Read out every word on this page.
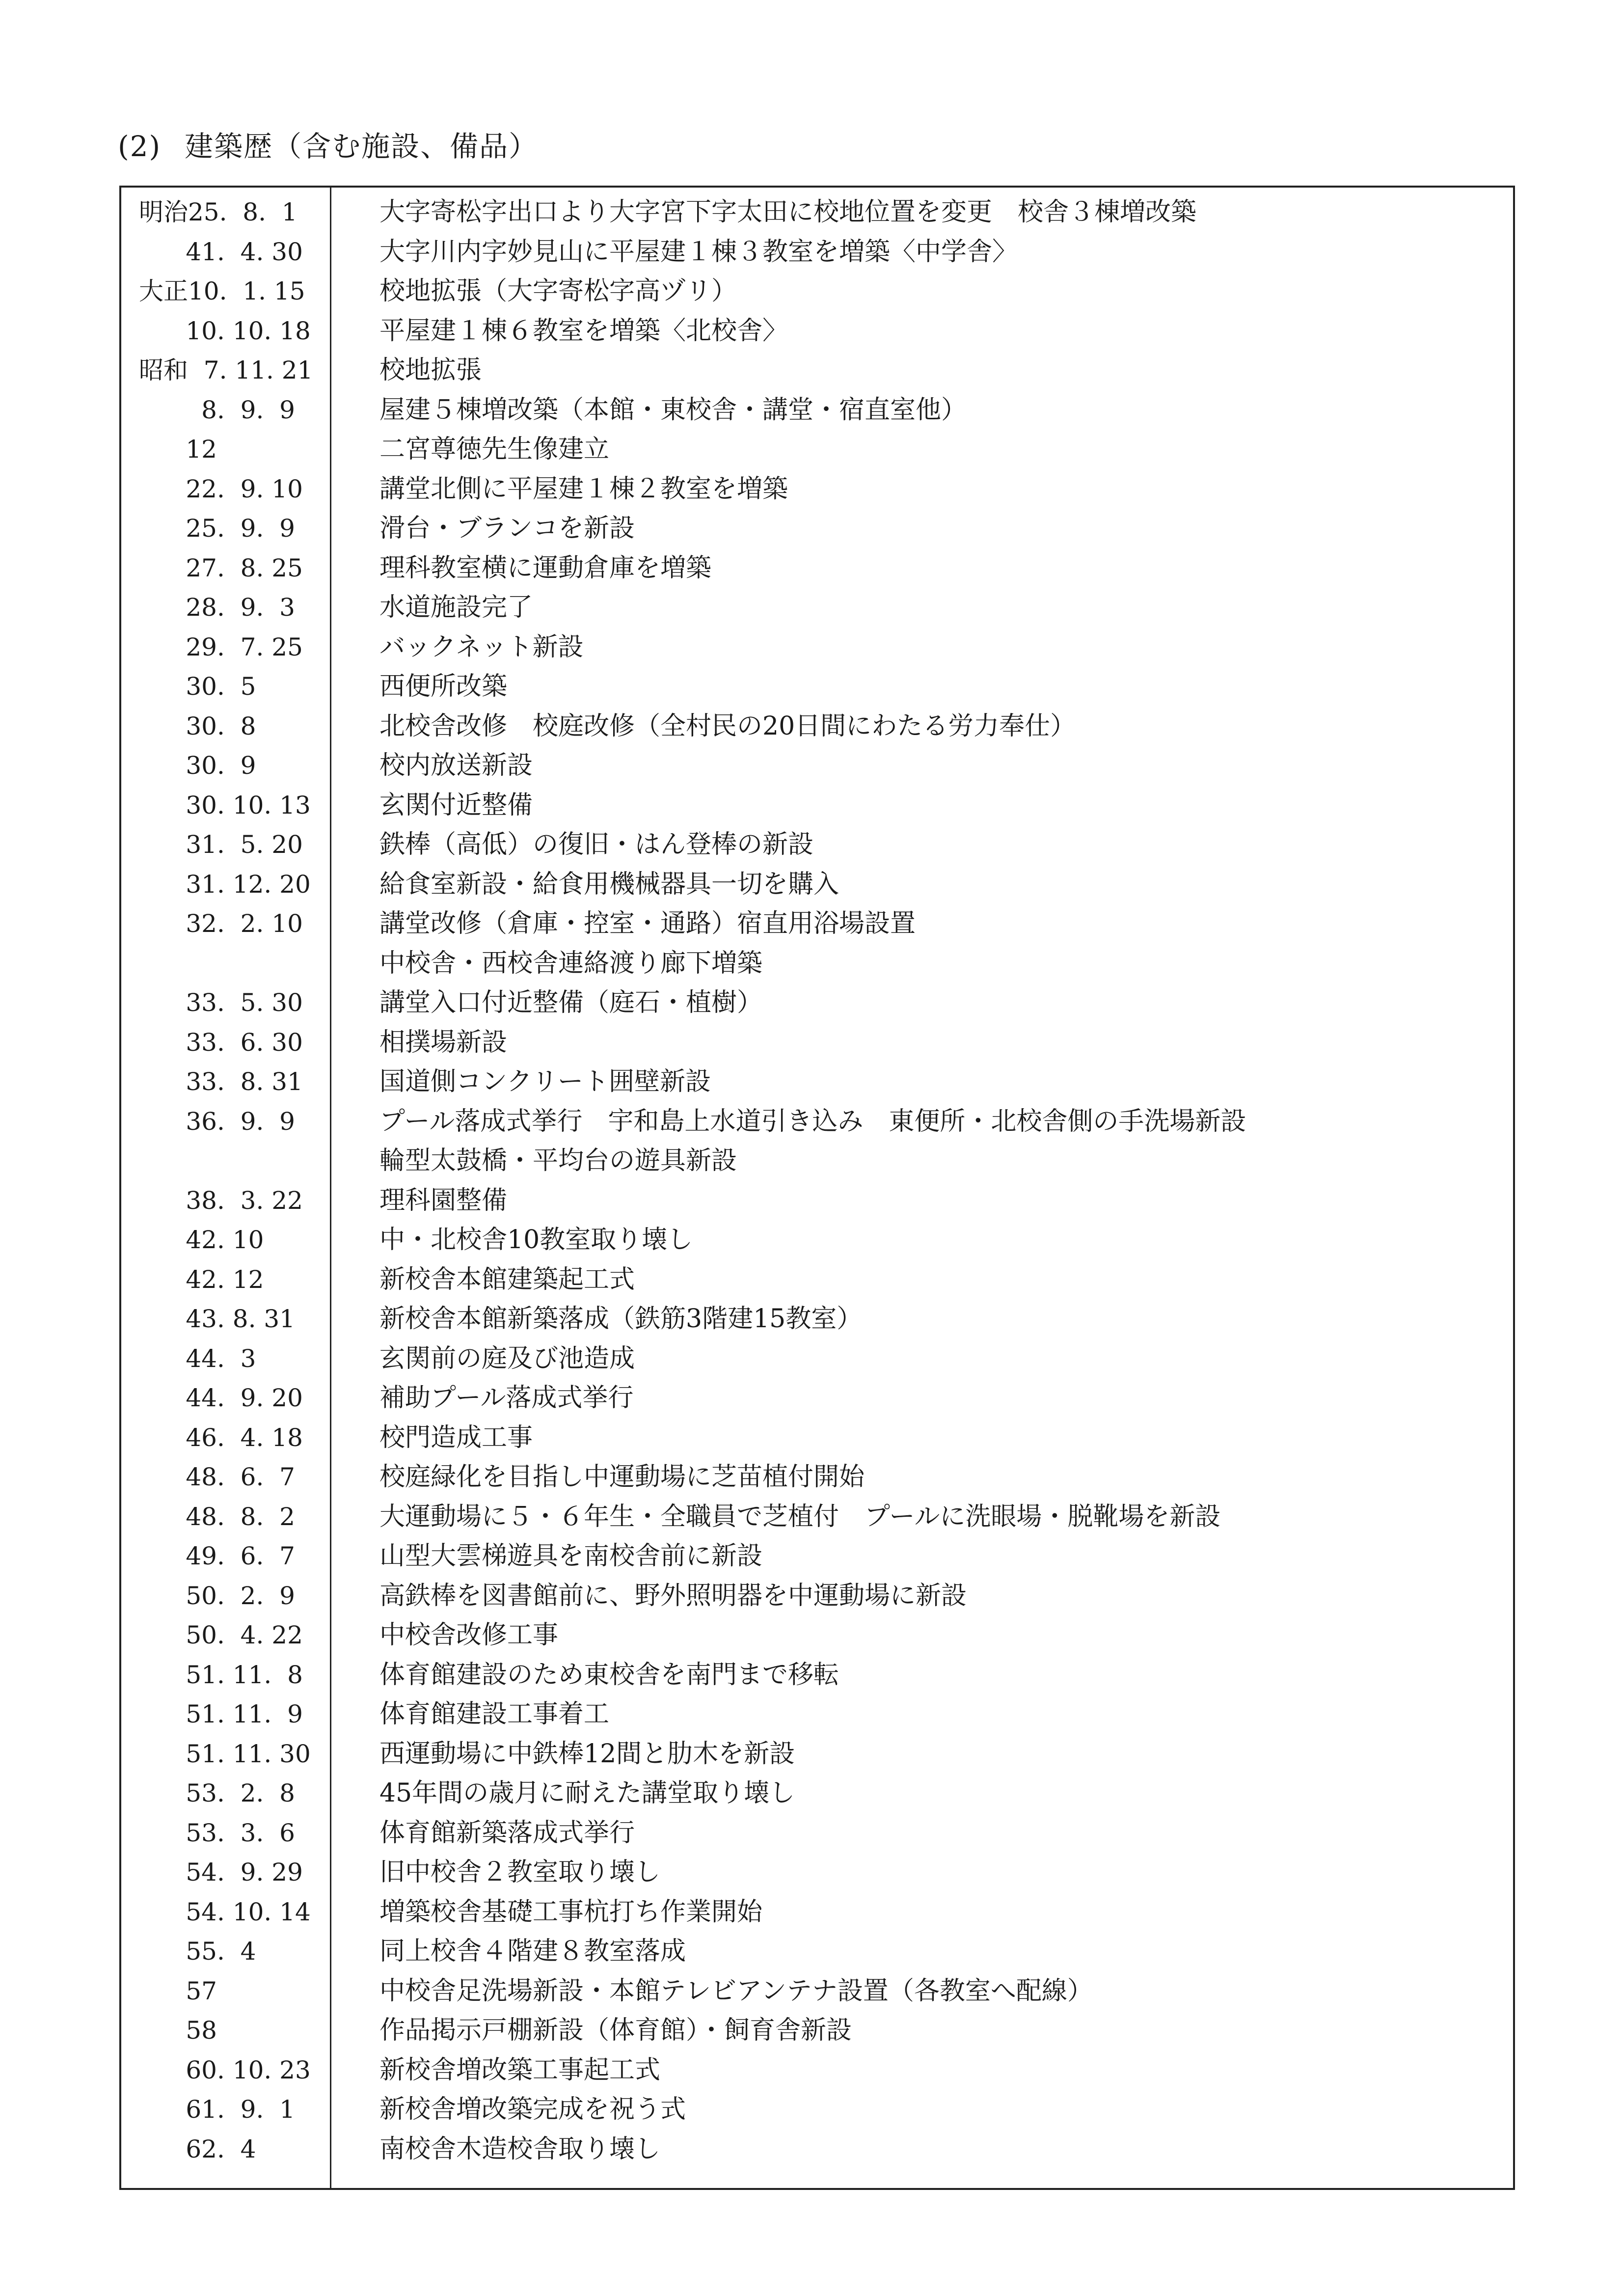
(2) 建築歴（含む施設、備品）
明治25.  8.  1	大字寄松字出口より大字宮下字太田に校地位置を変更　校舎３棟増改築
41.  4. 30	大字川内字妙見山に平屋建１棟３教室を増築〈中学舎〉
大正10.  1. 15	校地拡張（大字寄松字高ヅリ）
10. 10. 18	平屋建１棟６教室を増築〈北校舎〉
昭和  7. 11. 21	校地拡張
8.  9.  9	屋建５棟増改築（本館・東校舎・講堂・宿直室他）
12	二宮尊徳先生像建立
22.  9. 10	講堂北側に平屋建１棟２教室を増築
25.  9.  9	滑台・ブランコを新設
27.  8. 25	理科教室横に運動倉庫を増築
28.  9.  3	水道施設完了
29.  7. 25	バックネット新設
30.  5	西便所改築
30.  8	北校舎改修　校庭改修（全村民の20日間にわたる労力奉仕）
30.  9	校内放送新設
30. 10. 13	玄関付近整備
31.  5. 20	鉄棒（高低）の復旧・はん登棒の新設
31. 12. 20	給食室新設・給食用機械器具一切を購入
32.  2. 10	講堂改修（倉庫・控室・通路）宿直用浴場設置
中校舎・西校舎連絡渡り廊下増築
33.  5. 30	講堂入口付近整備（庭石・植樹）
33.  6. 30	相撲場新設
33.  8. 31	国道側コンクリート囲壁新設
36.  9.  9	プール落成式挙行　宇和島上水道引き込み　東便所・北校舎側の手洗場新設
輪型太鼓橋・平均台の遊具新設
38.  3. 22	理科園整備
42. 10	中・北校舎10教室取り壊し
42. 12	新校舎本館建築起工式
43. 8. 31	新校舎本館新築落成（鉄筋3階建15教室）
44.  3	玄関前の庭及び池造成
44.  9. 20	補助プール落成式挙行
46.  4. 18	校門造成工事
48.  6.  7	校庭緑化を目指し中運動場に芝苗植付開始
48.  8.  2	大運動場に５・６年生・全職員で芝植付　プールに洗眼場・脱靴場を新設
49.  6.  7	山型大雲梯遊具を南校舎前に新設
50.  2.  9	高鉄棒を図書館前に、野外照明器を中運動場に新設
50.  4. 22	中校舎改修工事
51. 11.  8	体育館建設のため東校舎を南門まで移転
51. 11.  9	体育館建設工事着工
51. 11. 30	西運動場に中鉄棒12間と肋木を新設
53.  2.  8	45年間の歳月に耐えた講堂取り壊し
53.  3.  6	体育館新築落成式挙行
54.  9. 29	旧中校舎２教室取り壊し
54. 10. 14	増築校舎基礎工事杭打ち作業開始
55.  4	同上校舎４階建８教室落成
57	中校舎足洗場新設・本館テレビアンテナ設置（各教室へ配線）
58	作品掲示戸棚新設（体育館）・飼育舎新設
60. 10. 23	新校舎増改築工事起工式
61.  9.  1	新校舎増改築完成を祝う式
62.  4	南校舎木造校舎取り壊し
